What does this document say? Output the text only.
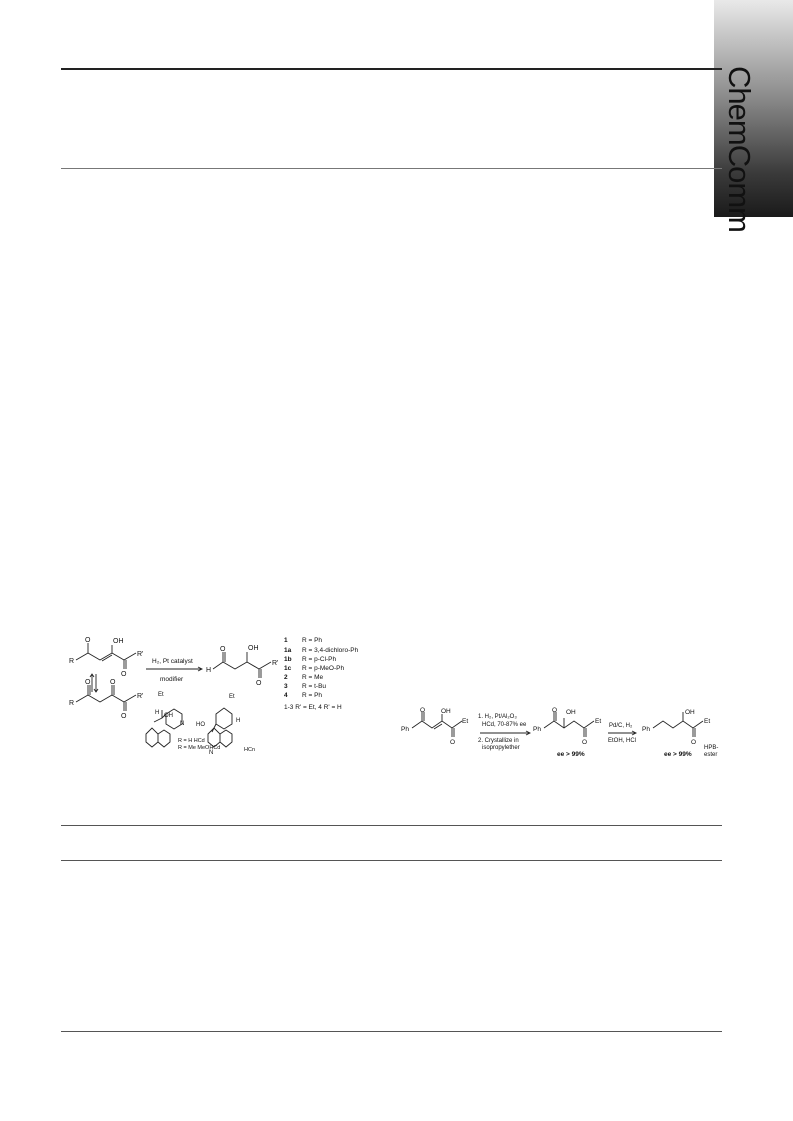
ChemComm
O	OH
R
O
R'
O	O
O
R
R'
H₂, Pt catalyst
modifier
O	OH
H
O
R'
Et
H OH
N
R = H HCd
R = Me MeOHCd
Et
H
HO
N	HCn
1 R = Ph
1a R = 3,4-dichloro-Ph
1b R = p-Cl-Ph
1c R = p-MeO-Ph
2 R = Me
3 R = t-Bu
4 R = Ph
1-3 R' = Et, 4 R' = H	O OH
Ph
O
Et
1. H₂, Pt/Al₂O₃
HCd, 70-87% ee
2. Crystallize in
isopropylether
O OH
Ph
O
Et
ee > 99%
Pd/C, H₂
EtOH, HCl
OH
Ph
O
Et
ee > 99%
HPB-
ester
